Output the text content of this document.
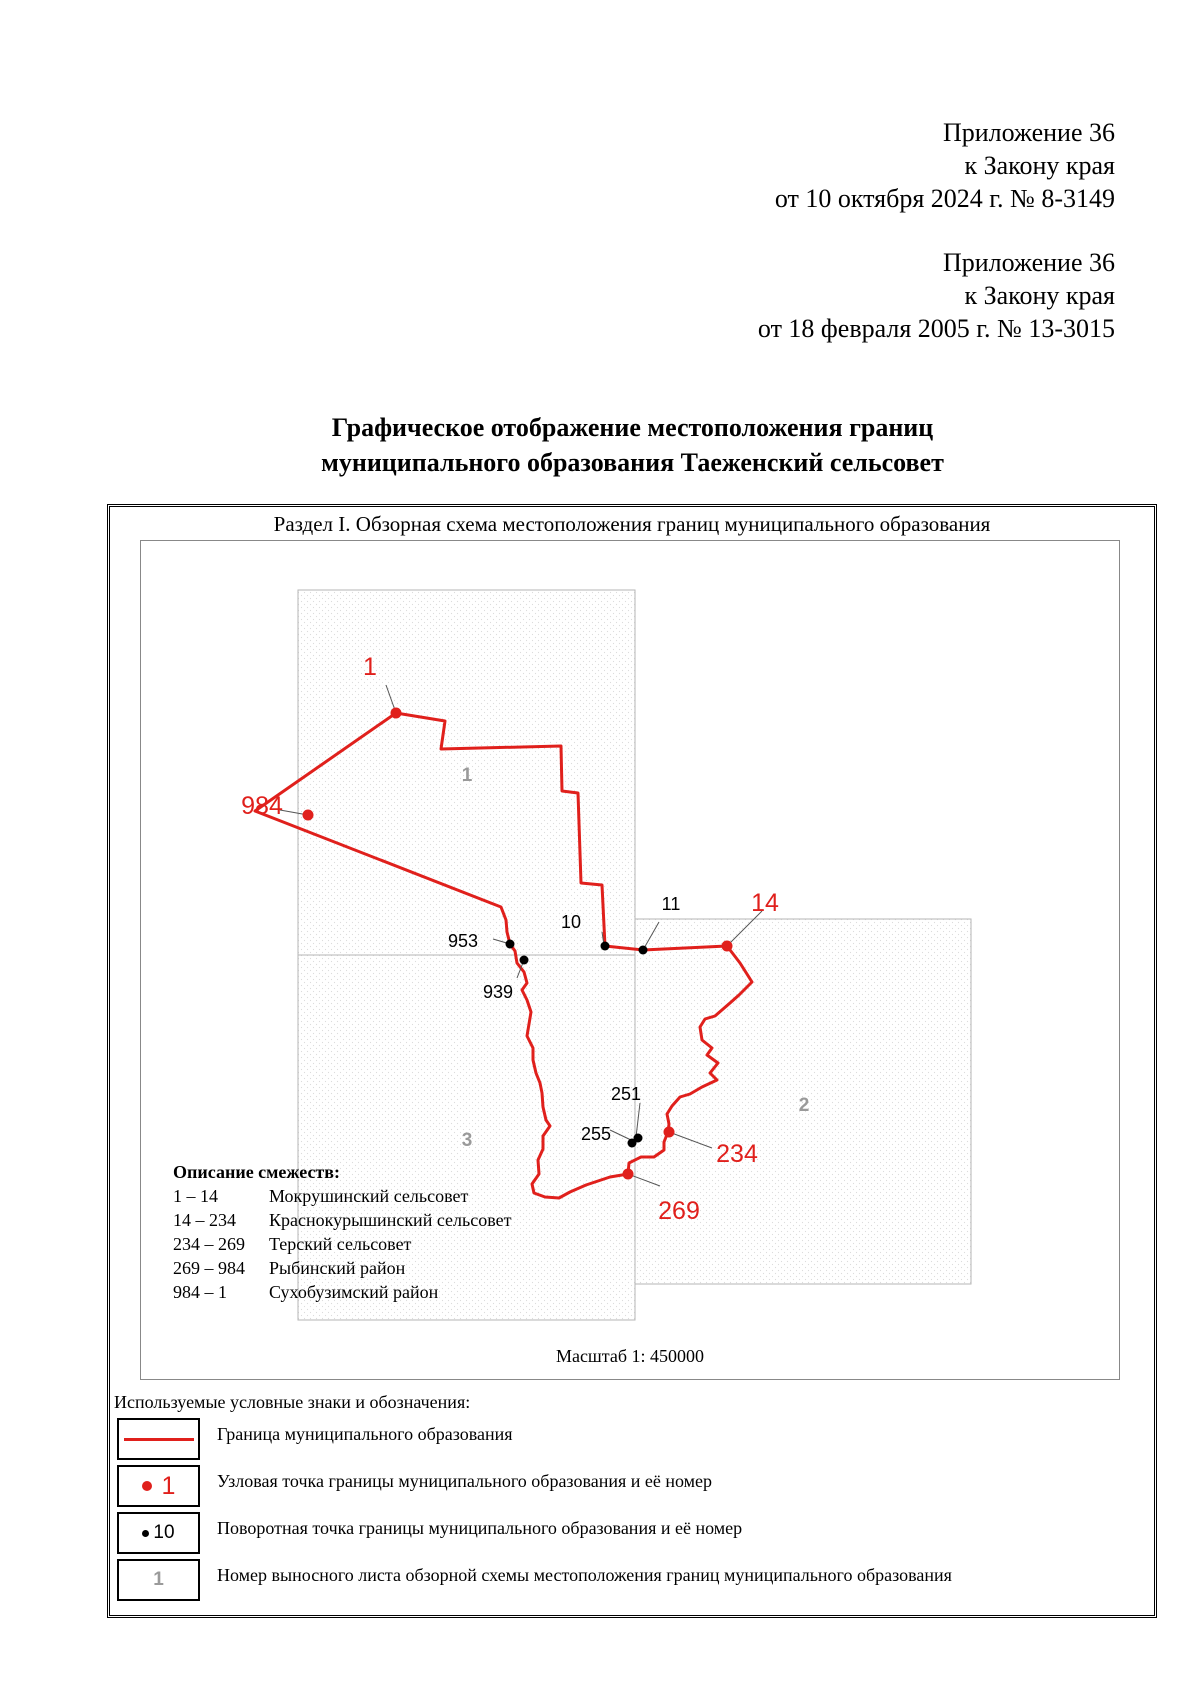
Приложение 36
к Закону края
от 10 октября 2024 г. № 8-3149
Приложение 36
к Закону края
от 18 февраля 2005 г. № 13-3015
Графическое отображение местоположения границ
муниципального образования Таеженский сельсовет
Раздел I. Обзорная схема местоположения границ муниципального образования
1
2
3
1
984
14
234
269
10
11
953
939
251
255
Описание смежеств:
1 – 14	Мокрушинский сельсовет
14 – 234	Краснокурышинский сельсовет
234 – 269	Терский сельсовет
269 – 984	Рыбинский район
984 – 1	Сухобузимский район
Масштаб 1: 450000
Используемые условные знаки и обозначения:
Граница муниципального образования
1 Узловая точка границы муниципального образования и её номер
10 Поворотная точка границы муниципального образования и её номер
1	Номер выносного листа обзорной схемы местоположения границ муниципального образования
